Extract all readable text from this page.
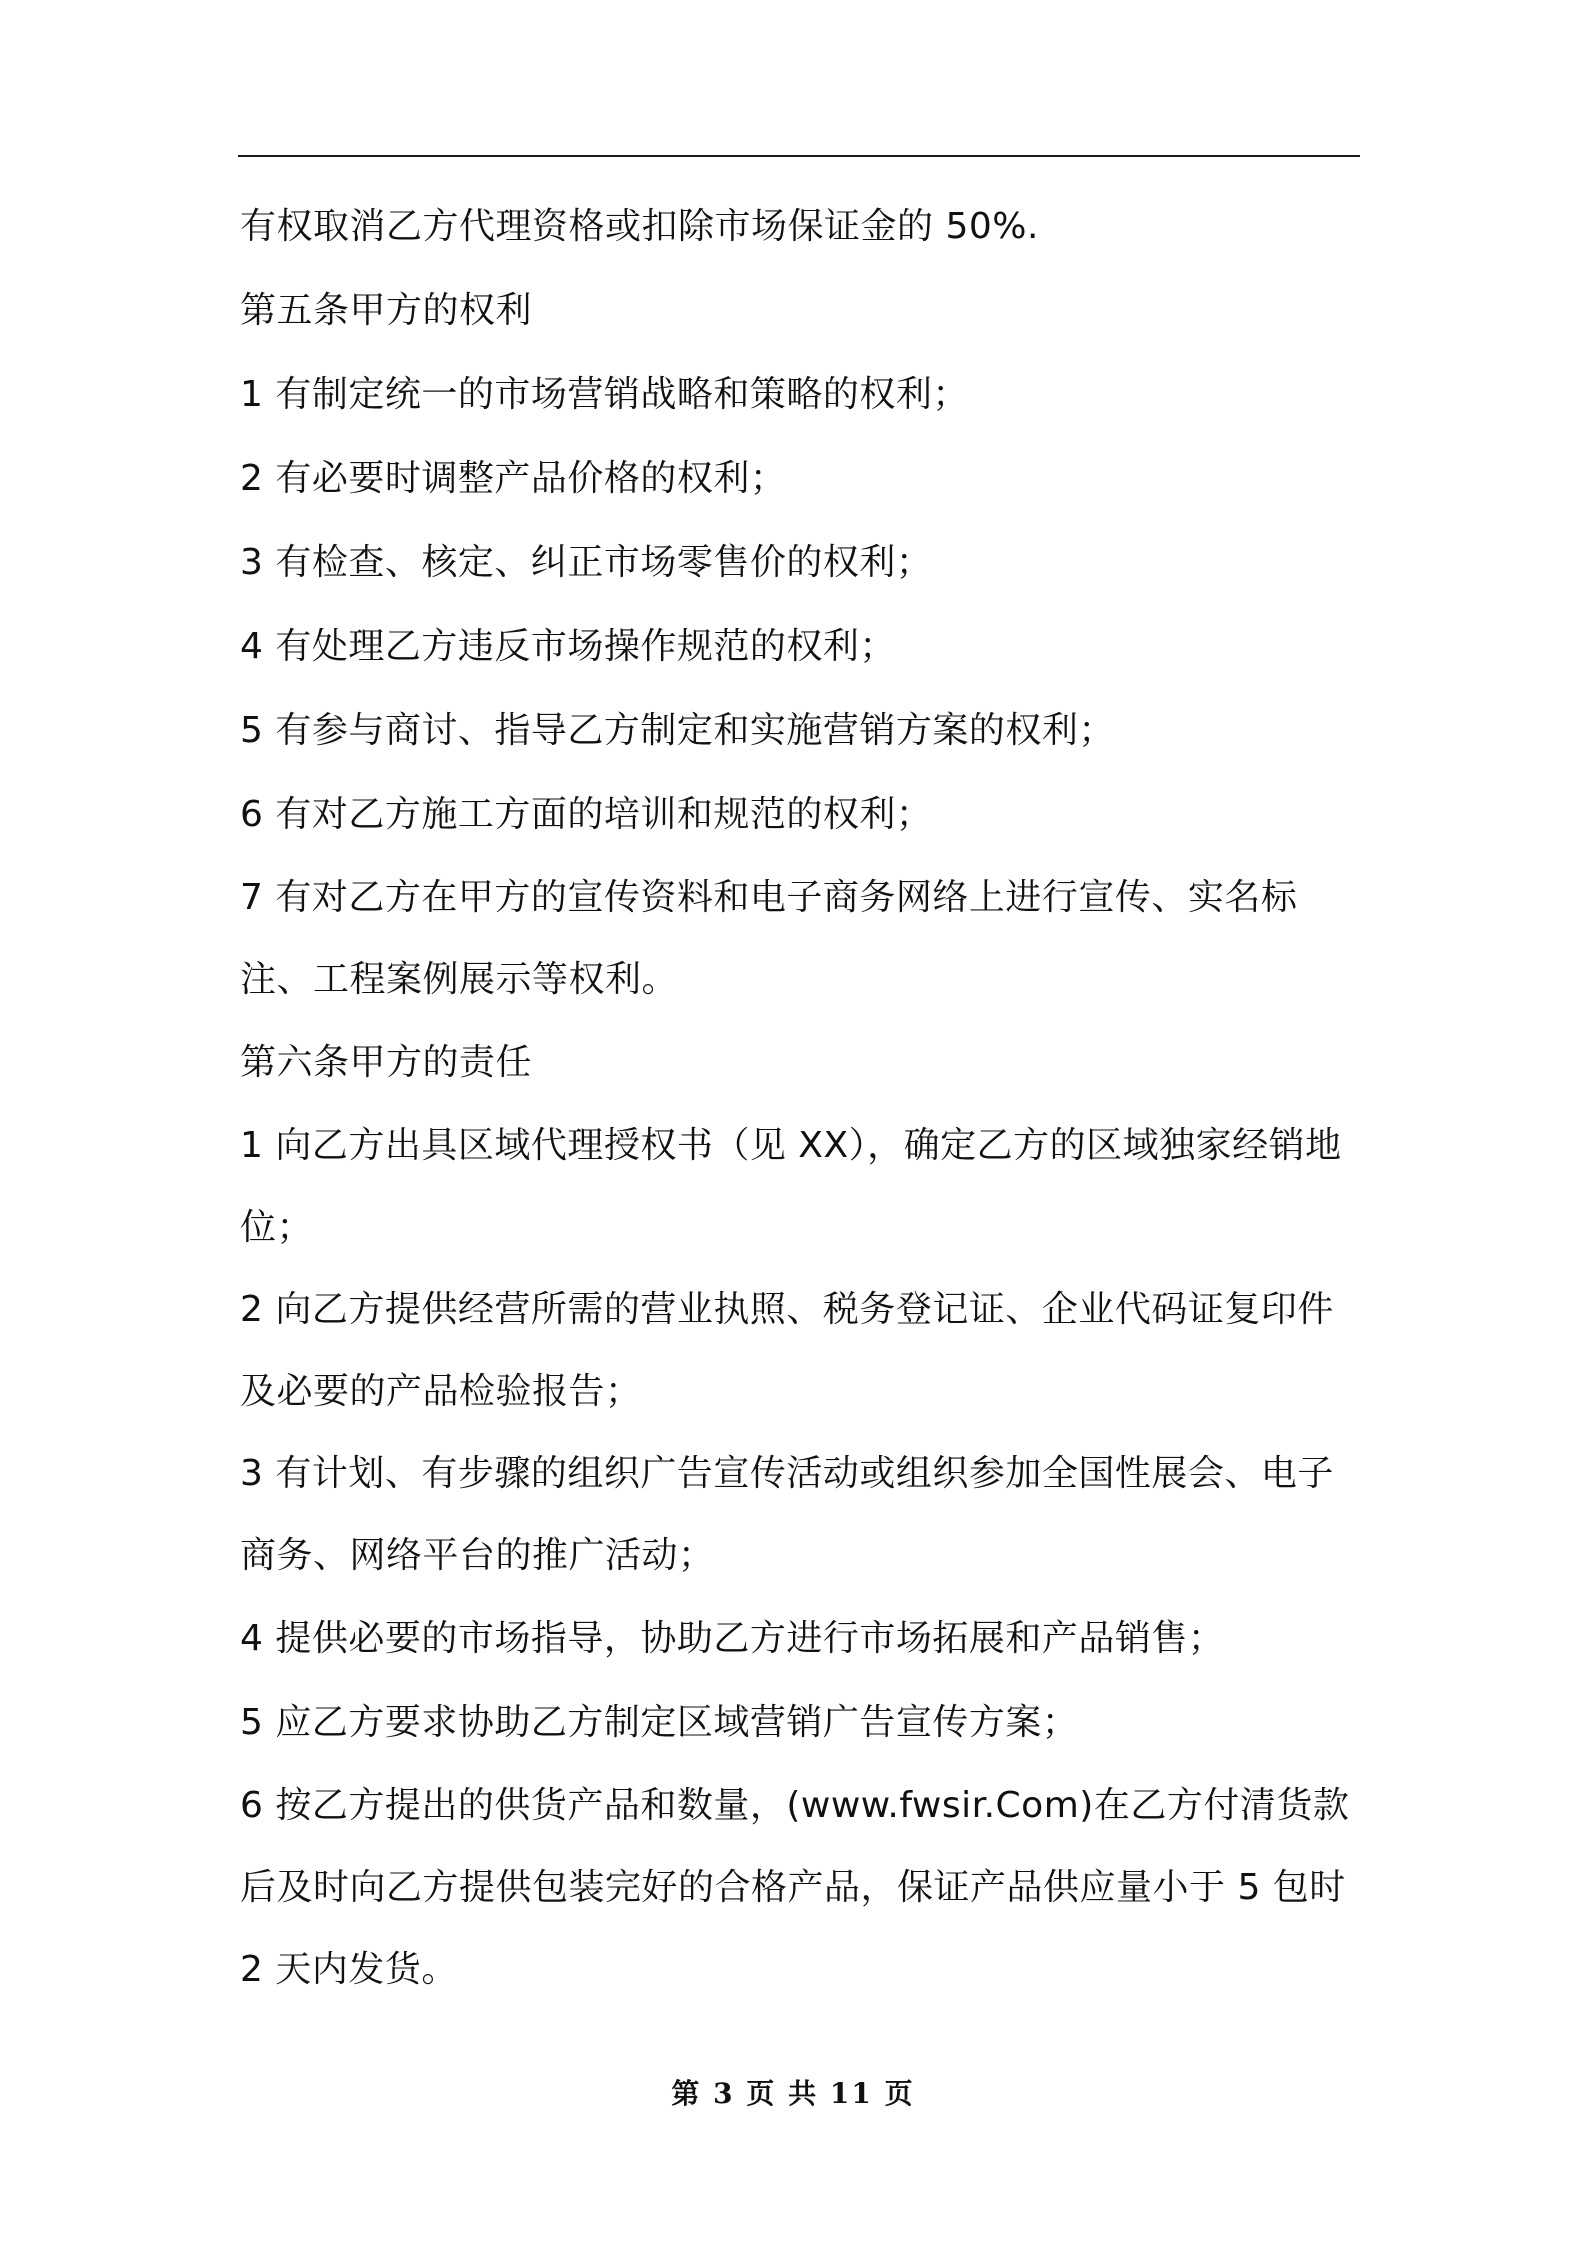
有权取消乙方代理资格或扣除市场保证金的 50%.

第五条甲方的权利

1 有制定统一的市场营销战略和策略的权利；

2 有必要时调整产品价格的权利；

3 有检查、核定、纠正市场零售价的权利；

4 有处理乙方违反市场操作规范的权利；

5 有参与商讨、指导乙方制定和实施营销方案的权利；

6 有对乙方施工方面的培训和规范的权利；

7 有对乙方在甲方的宣传资料和电子商务网络上进行宣传、实名标注、工程案例展示等权利。

第六条甲方的责任

1 向乙方出具区域代理授权书（见 XX），确定乙方的区域独家经销地位；

2 向乙方提供经营所需的营业执照、税务登记证、企业代码证复印件及必要的产品检验报告；

3 有计划、有步骤的组织广告宣传活动或组织参加全国性展会、电子商务、网络平台的推广活动；

4 提供必要的市场指导，协助乙方进行市场拓展和产品销售；

5 应乙方要求协助乙方制定区域营销广告宣传方案；

6 按乙方提出的供货产品和数量，(www.fwsir.Com)在乙方付清货款后及时向乙方提供包装完好的合格产品，保证产品供应量小于 5 包时 2 天内发货。

第 3 页 共 11 页
